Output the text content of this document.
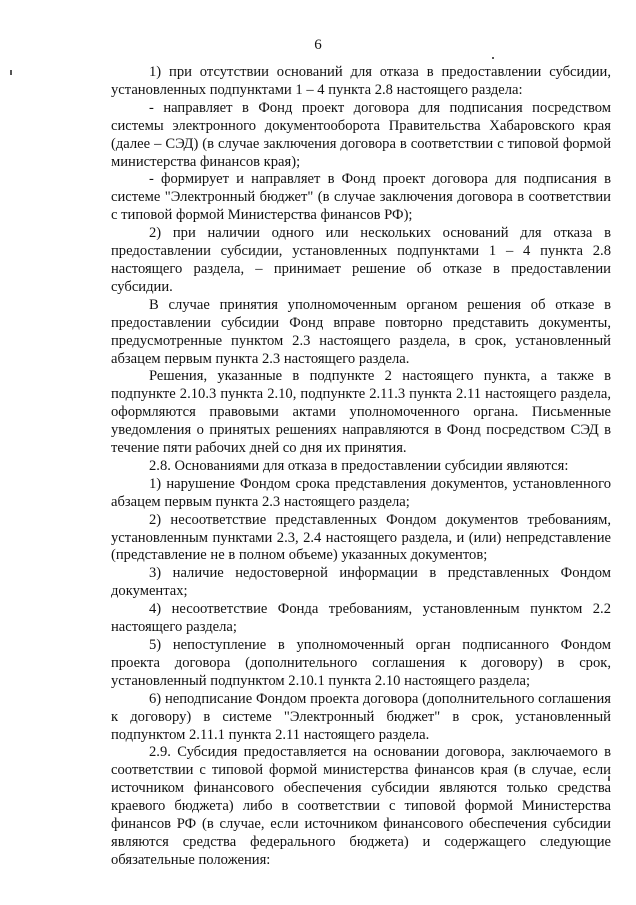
6

1) при отсутствии оснований для отказа в предоставлении субсидии, установленных подпунктами 1 – 4 пункта 2.8 настоящего раздела:

- направляет в Фонд проект договора для подписания посредством системы электронного документооборота Правительства Хабаровского края (далее – СЭД) (в случае заключения договора в соответствии с типовой формой министерства финансов края);

- формирует и направляет в Фонд проект договора для подписания в системе "Электронный бюджет" (в случае заключения договора в соответствии с типовой формой Министерства финансов РФ);

2) при наличии одного или нескольких оснований для отказа в предоставлении субсидии, установленных подпунктами 1 – 4 пункта 2.8 настоящего раздела, – принимает решение об отказе в предоставлении субсидии.

В случае принятия уполномоченным органом решения об отказе в предоставлении субсидии Фонд вправе повторно представить документы, предусмотренные пунктом 2.3 настоящего раздела, в срок, установленный абзацем первым пункта 2.3 настоящего раздела.

Решения, указанные в подпункте 2 настоящего пункта, а также в подпункте 2.10.3 пункта 2.10, подпункте 2.11.3 пункта 2.11 настоящего раздела, оформляются правовыми актами уполномоченного органа. Письменные уведомления о принятых решениях направляются в Фонд посредством СЭД в течение пяти рабочих дней со дня их принятия.

2.8. Основаниями для отказа в предоставлении субсидии являются:

1) нарушение Фондом срока представления документов, установленного абзацем первым пункта 2.3 настоящего раздела;

2) несоответствие представленных Фондом документов требованиям, установленным пунктами 2.3, 2.4 настоящего раздела, и (или) непредставление (представление не в полном объеме) указанных документов;

3) наличие недостоверной информации в представленных Фондом документах;

4) несоответствие Фонда требованиям, установленным пунктом 2.2 настоящего раздела;

5) непоступление в уполномоченный орган подписанного Фондом проекта договора (дополнительного соглашения к договору) в срок, установленный подпунктом 2.10.1 пункта 2.10 настоящего раздела;

6) неподписание Фондом проекта договора (дополнительного соглашения к договору) в системе "Электронный бюджет" в срок, установленный подпунктом 2.11.1 пункта 2.11 настоящего раздела.

2.9. Субсидия предоставляется на основании договора, заключаемого в соответствии с типовой формой министерства финансов края (в случае, если источником финансового обеспечения субсидии являются только средства краевого бюджета) либо в соответствии с типовой формой Министерства финансов РФ (в случае, если источником финансового обеспечения субсидии являются средства федерального бюджета) и содержащего следующие обязательные положения:
